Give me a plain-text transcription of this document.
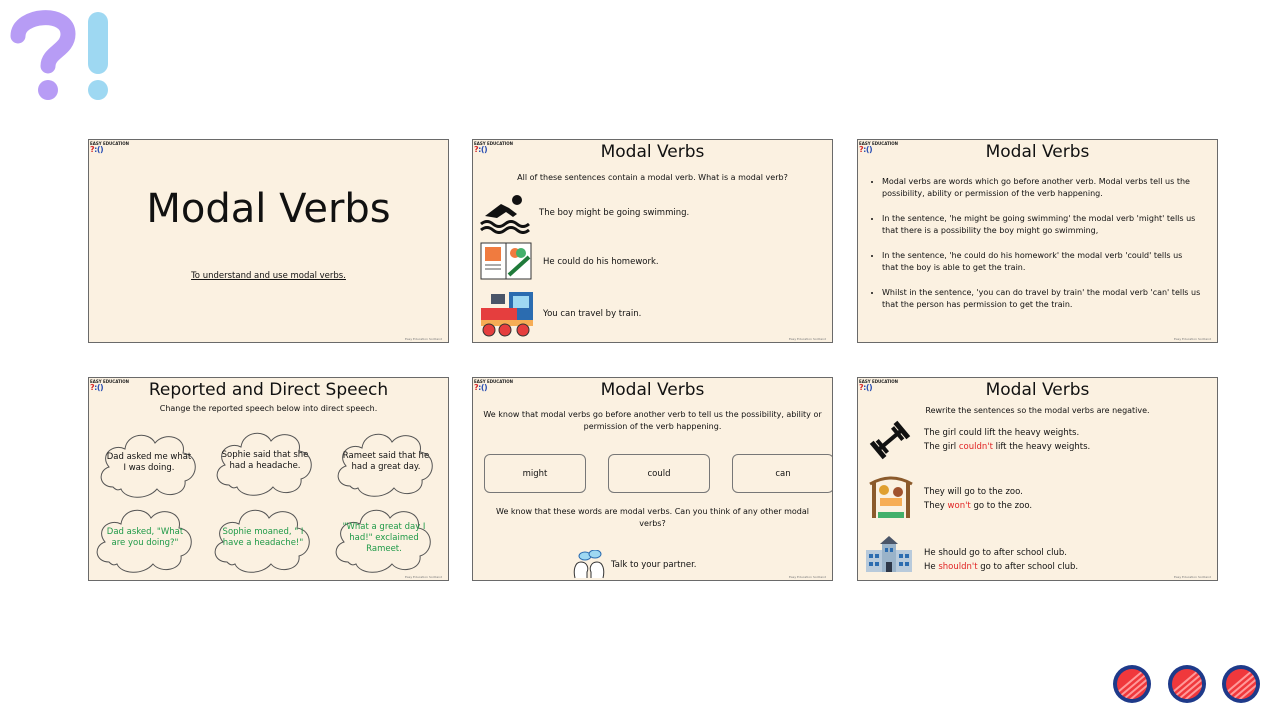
EASY EDUCATION
?:()
Modal Verbs
To understand and use modal verbs.
Easy Education Scotland
EASY EDUCATION
?:()	Modal Verbs
All of these sentences contain a modal verb. What is a modal verb?
The boy might be going swimming.
He could do his homework.
You can travel by train.
Easy Education Scotland
EASY EDUCATION
?:()	Modal Verbs
• Modal verbs are words which go before another verb. Modal verbs tell us the possibility, ability or permission of the verb happening.
• In the sentence, 'he might be going swimming' the modal verb 'might' tells us that there is a possibility the boy might go swimming,
• In the sentence, 'he could do his homework' the modal verb 'could' tells us that the boy is able to get the train.
• Whilst in the sentence, 'you can do travel by train' the modal verb 'can' tells us that the person has permission to get the train.
Easy Education Scotland
EASY EDUCATION
?:()	Reported and Direct Speech
Change the reported speech below into direct speech.
Dad asked me what I was doing.
Sophie said that she had a headache.
Rameet said that he had a great day.
Dad asked, "What are you doing?"
Sophie moaned, " I have a headache!"
"What a great day I had!" exclaimed Rameet.
Easy Education Scotland
EASY EDUCATION
?:()	Modal Verbs
We know that modal verbs go before another verb to tell us the possibility, ability or permission of the verb happening.
might	could	can
We know that these words are modal verbs. Can you think of any other modal verbs?
Talk to your partner.
Easy Education Scotland
EASY EDUCATION
?:()	Modal Verbs
Rewrite the sentences so the modal verbs are negative.
The girl could lift the heavy weights.
The girl couldn't lift the heavy weights.
They will go to the zoo.
They won't go to the zoo.
He should go to after school club.
He shouldn't go to after school club.
Easy Education Scotland
